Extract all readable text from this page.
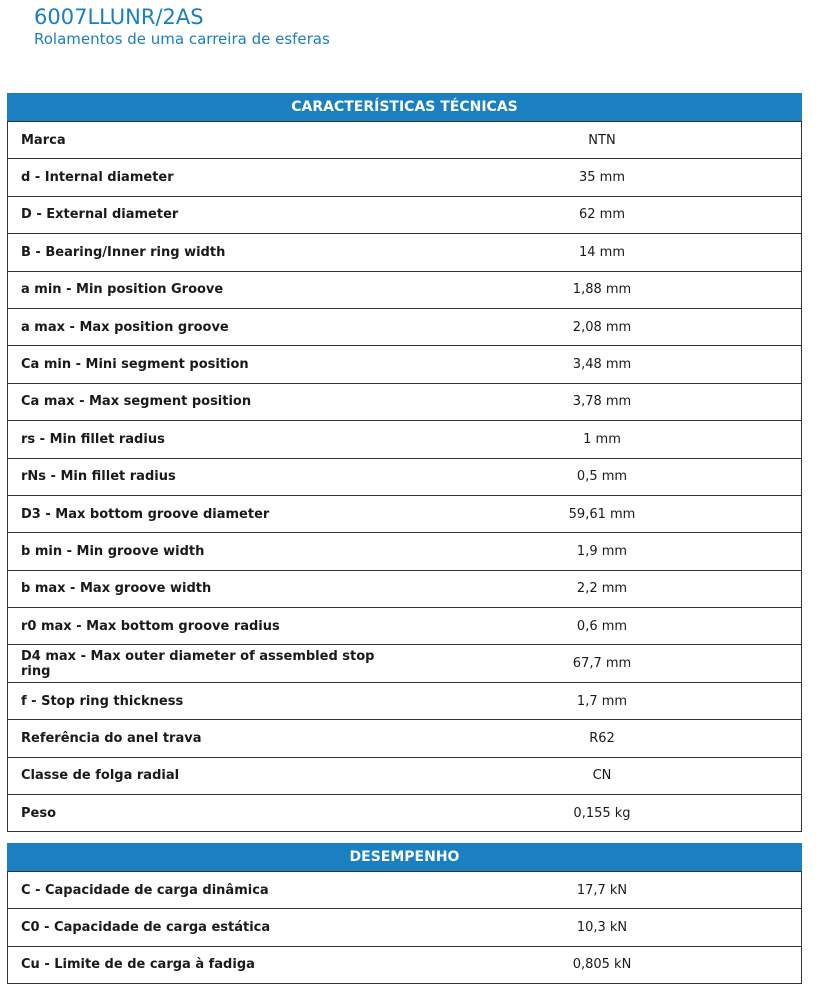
6007LLUNR/2AS
Rolamentos de uma carreira de esferas
CARACTERÍSTICAS TÉCNICAS
Marca	NTN
d - Internal diameter	35 mm
D - External diameter	62 mm
B - Bearing/Inner ring width	14 mm
a min - Min position Groove	1,88 mm
a max - Max position groove	2,08 mm
Ca min - Mini segment position	3,48 mm
Ca max - Max segment position	3,78 mm
rs - Min fillet radius	1 mm
rNs - Min fillet radius	0,5 mm
D3 - Max bottom groove diameter	59,61 mm
b min - Min groove width	1,9 mm
b max - Max groove width	2,2 mm
r0 max - Max bottom groove radius	0,6 mm
D4 max - Max outer diameter of assembled stop ring	67,7 mm
f - Stop ring thickness	1,7 mm
Referência do anel trava	R62
Classe de folga radial	CN
Peso	0,155 kg
DESEMPENHO
C - Capacidade de carga dinâmica	17,7 kN
C0 - Capacidade de carga estática	10,3 kN
Cu - Limite de de carga à fadiga	0,805 kN
